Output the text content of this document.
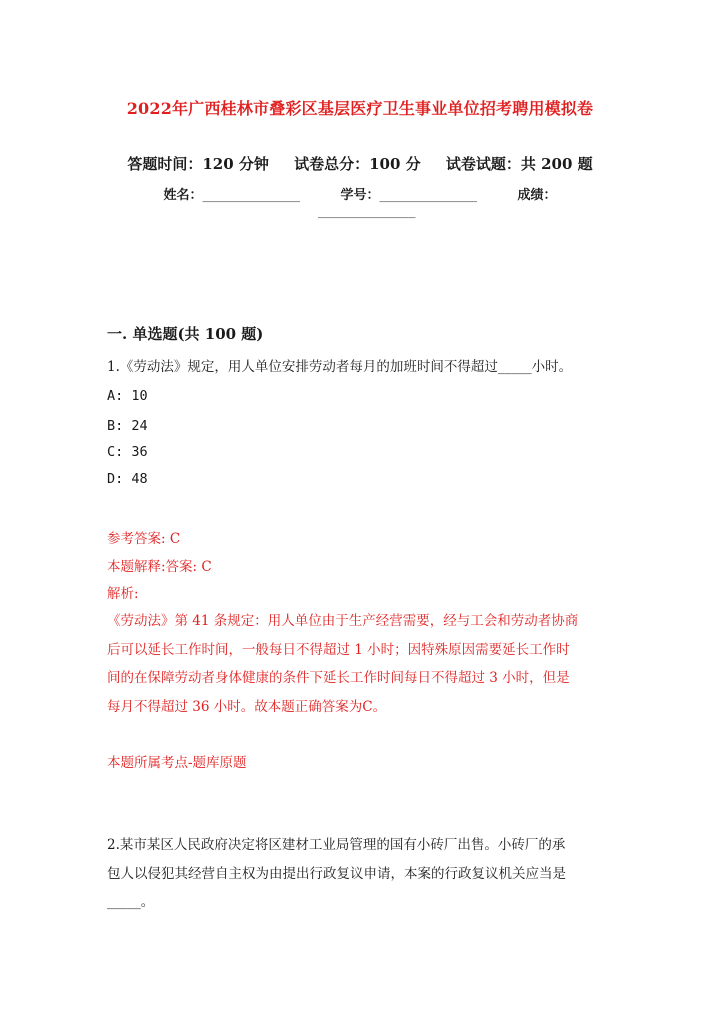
2022年广西桂林市叠彩区基层医疗卫生事业单位招考聘用模拟卷
答题时间：120 分钟 试卷总分：100 分 试卷试题：共 200 题
姓名：_______________	学号：_______________	成绩：
_______________
一. 单选题(共 100 题)
1.《劳动法》规定，用人单位安排劳动者每月的加班时间不得超过_____小时。
A: 10
B: 24
C: 36
D: 48
参考答案: C
本题解释:答案: C
解析:
《劳动法》第 41 条规定：用人单位由于生产经营需要，经与工会和劳动者协商
后可以延长工作时间，一般每日不得超过 1 小时；因特殊原因需要延长工作时
间的在保障劳动者身体健康的条件下延长工作时间每日不得超过 3 小时，但是
每月不得超过 36 小时。故本题正确答案为C。
本题所属考点-题库原题
2.某市某区人民政府决定将区建材工业局管理的国有小砖厂出售。小砖厂的承
包人以侵犯其经营自主权为由提出行政复议申请，本案的行政复议机关应当是
_____。
